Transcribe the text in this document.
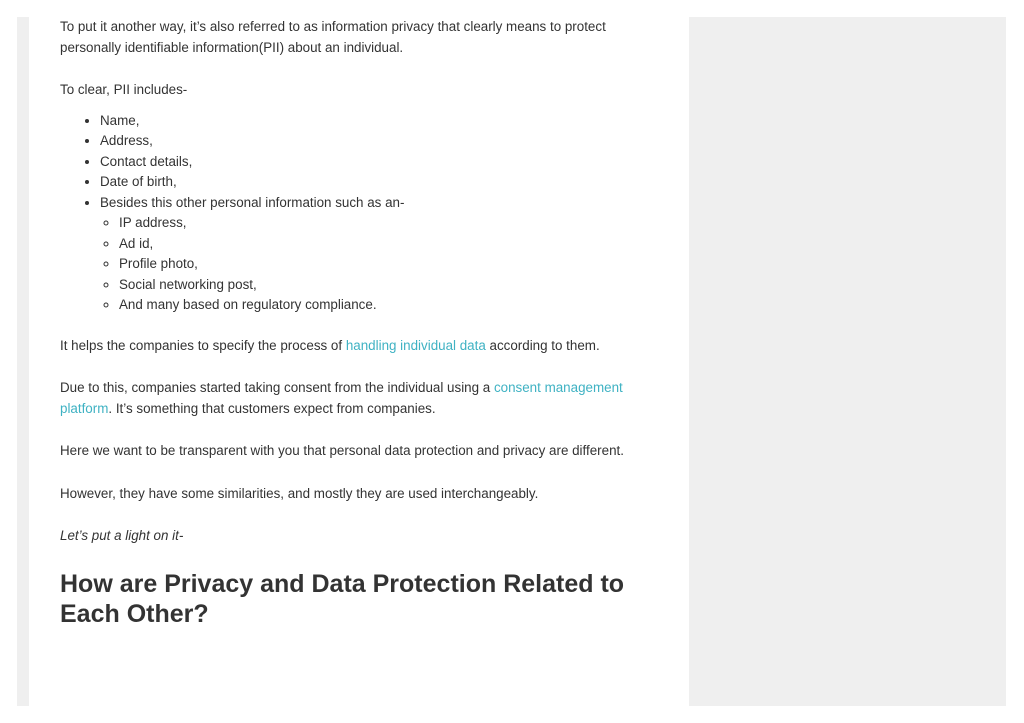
To put it another way, it’s also referred to as information privacy that clearly means to protect personally identifiable information(PII) about an individual.

To clear, PII includes-

• Name,
• Address,
• Contact details,
• Date of birth,
• Besides this other personal information such as an-
◦ IP address,
◦ Ad id,
◦ Profile photo,
◦ Social networking post,
◦ And many based on regulatory compliance.

It helps the companies to specify the process of handling individual data according to them.

Due to this, companies started taking consent from the individual using a consent management platform. It’s something that customers expect from companies.

Here we want to be transparent with you that personal data protection and privacy are different.

However, they have some similarities, and mostly they are used interchangeably.

Let’s put a light on it-

How are Privacy and Data Protection Related to Each Other?
